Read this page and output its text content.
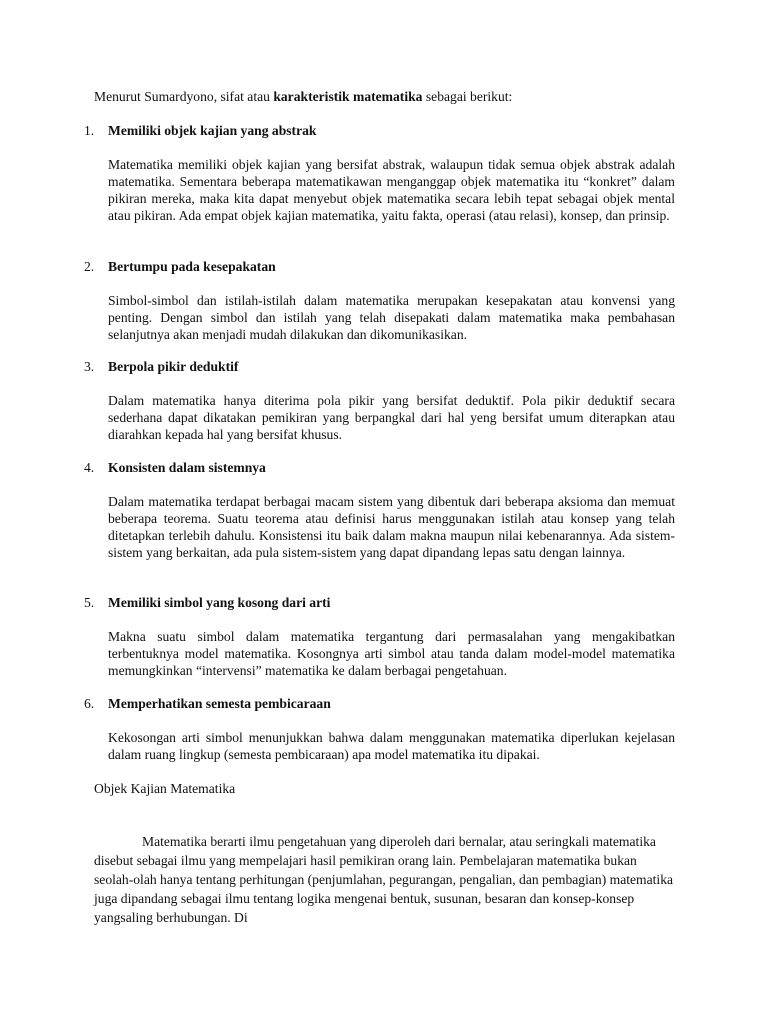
Menurut Sumardyono, sifat atau karakteristik matematika sebagai berikut:
1. Memiliki objek kajian yang abstrak
Matematika memiliki objek kajian yang bersifat abstrak, walaupun tidak semua objek abstrak adalah matematika. Sementara beberapa matematikawan menganggap objek matematika itu “konkret” dalam pikiran mereka, maka kita dapat menyebut objek matematika secara lebih tepat sebagai objek mental atau pikiran. Ada empat objek kajian matematika, yaitu fakta, operasi (atau relasi), konsep, dan prinsip.
2. Bertumpu pada kesepakatan
Simbol-simbol dan istilah-istilah dalam matematika merupakan kesepakatan atau konvensi yang penting. Dengan simbol dan istilah yang telah disepakati dalam matematika maka pembahasan selanjutnya akan menjadi mudah dilakukan dan dikomunikasikan.
3. Berpola pikir deduktif
Dalam matematika hanya diterima pola pikir yang bersifat deduktif. Pola pikir deduktif secara sederhana dapat dikatakan pemikiran yang berpangkal dari hal yeng bersifat umum diterapkan atau diarahkan kepada hal yang bersifat khusus.
4. Konsisten dalam sistemnya
Dalam matematika terdapat berbagai macam sistem yang dibentuk dari beberapa aksioma dan memuat beberapa teorema. Suatu teorema atau definisi harus menggunakan istilah atau konsep yang telah ditetapkan terlebih dahulu. Konsistensi itu baik dalam makna maupun nilai kebenarannya. Ada sistem-sistem yang berkaitan, ada pula sistem-sistem yang dapat dipandang lepas satu dengan lainnya.
5. Memiliki simbol yang kosong dari arti
Makna suatu simbol dalam matematika tergantung dari permasalahan yang mengakibatkan terbentuknya model matematika. Kosongnya arti simbol atau tanda dalam model-model matematika memungkinkan “intervensi” matematika ke dalam berbagai pengetahuan.
6. Memperhatikan semesta pembicaraan
Kekosongan arti simbol menunjukkan bahwa dalam menggunakan matematika diperlukan kejelasan dalam ruang lingkup (semesta pembicaraan) apa model matematika itu dipakai.
Objek Kajian Matematika
Matematika berarti ilmu pengetahuan yang diperoleh dari bernalar, atau seringkali matematika disebut sebagai ilmu yang mempelajari hasil pemikiran orang lain. Pembelajaran matematika bukan seolah-olah hanya tentang perhitungan (penjumlahan, pegurangan, pengalian, dan pembagian) matematika juga dipandang sebagai ilmu tentang logika mengenai bentuk, susunan, besaran dan konsep-konsep yangsaling berhubungan. Di
